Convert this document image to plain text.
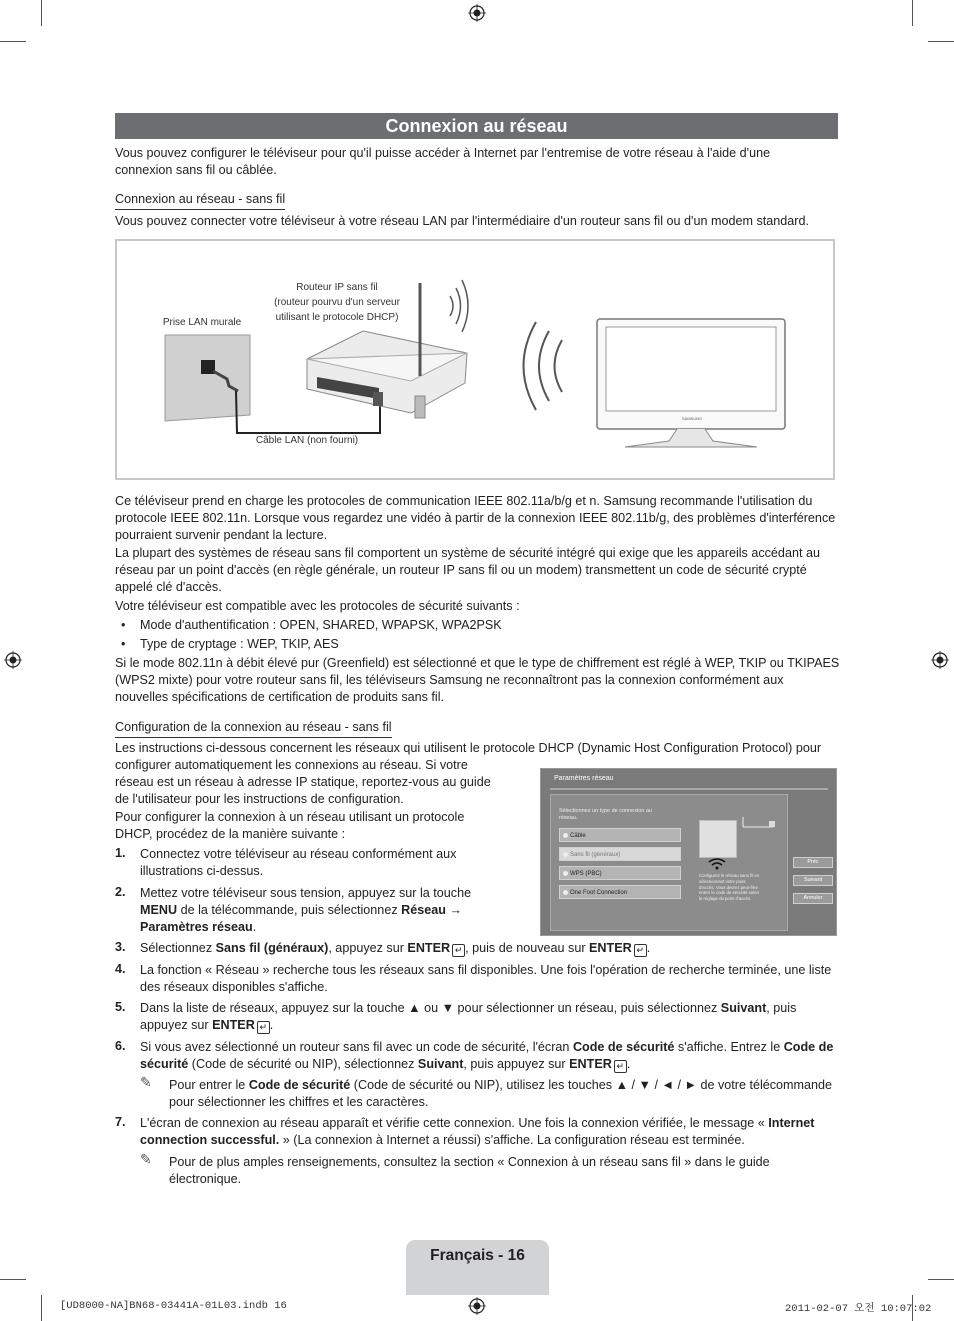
Connexion au réseau
Vous pouvez configurer le téléviseur pour qu'il puisse accéder à Internet par l'entremise de votre réseau à l'aide d'une connexion sans fil ou câblée.
Connexion au réseau - sans fil
Vous pouvez connecter votre téléviseur à votre réseau LAN par l'intermédiaire d'un routeur sans fil ou d'un modem standard.
Prise LAN murale
Routeur IP sans fil
(routeur pourvu d'un serveur
utilisant le protocole DHCP)
Câble LAN (non fourni)
SAMSUNG
Ce téléviseur prend en charge les protocoles de communication IEEE 802.11a/b/g et n. Samsung recommande l'utilisation du protocole IEEE 802.11n. Lorsque vous regardez une vidéo à partir de la connexion IEEE 802.11b/g, des problèmes d'interférence pourraient survenir pendant la lecture.
La plupart des systèmes de réseau sans fil comportent un système de sécurité intégré qui exige que les appareils accédant au réseau par un point d'accès (en règle générale, un routeur IP sans fil ou un modem) transmettent un code de sécurité crypté appelé clé d'accès.
Votre téléviseur est compatible avec les protocoles de sécurité suivants :
• Mode d'authentification : OPEN, SHARED, WPAPSK, WPA2PSK
• Type de cryptage : WEP, TKIP, AES
Si le mode 802.11n à débit élevé pur (Greenfield) est sélectionné et que le type de chiffrement est réglé à WEP, TKIP ou TKIPAES (WPS2 mixte) pour votre routeur sans fil, les téléviseurs Samsung ne reconnaîtront pas la connexion conformément aux nouvelles spécifications de certification de produits sans fil.
Configuration de la connexion au réseau - sans fil
Les instructions ci-dessous concernent les réseaux qui utilisent le protocole DHCP (Dynamic Host Configuration Protocol) pour
configurer automatiquement les connexions au réseau. Si votre
réseau est un réseau à adresse IP statique, reportez-vous au guide
de l'utilisateur pour les instructions de configuration.
Pour configurer la connexion à un réseau utilisant un protocole DHCP, procédez de la manière suivante :
Paramètres réseau
Sélectionnez un type de connexion au réseau.
Câble
Sans fil (généraux)
WPS (PBC)
One Foot Connection
Configurez le réseau sans fil en sélectionnant votre point d'accès. Vous devrez peut-être entrer le code de sécurité selon le réglage du point d'accès.
Préc
Suivant
Annuler
1. Connectez votre téléviseur au réseau conformément aux illustrations ci-dessus.
2. Mettez votre téléviseur sous tension, appuyez sur la touche MENU de la télécommande, puis sélectionnez Réseau → Paramètres réseau.
3. Sélectionnez Sans fil (généraux), appuyez sur ENTER ↵ , puis de nouveau sur ENTER ↵ .
4. La fonction « Réseau » recherche tous les réseaux sans fil disponibles. Une fois l'opération de recherche terminée, une liste des réseaux disponibles s'affiche.
5. Dans la liste de réseaux, appuyez sur la touche ▲ ou ▼ pour sélectionner un réseau, puis sélectionnez Suivant, puis appuyez sur ENTER ↵ .
6. Si vous avez sélectionné un routeur sans fil avec un code de sécurité, l'écran Code de sécurité s'affiche. Entrez le Code de sécurité (Code de sécurité ou NIP), sélectionnez Suivant, puis appuyez sur ENTER ↵ .
✎ Pour entrer le Code de sécurité (Code de sécurité ou NIP), utilisez les touches ▲ / ▼ / ◄ / ► de votre télécommande pour sélectionner les chiffres et les caractères.
7. L'écran de connexion au réseau apparaît et vérifie cette connexion. Une fois la connexion vérifiée, le message « Internet connection successful. » (La connexion à Internet a réussi) s'affiche. La configuration réseau est terminée.
✎ Pour de plus amples renseignements, consultez la section « Connexion à un réseau sans fil » dans le guide électronique.
Français - 16
[UD8000-NA]BN68-03441A-01L03.indb 16	2011-02-07 오전 10:07:02
